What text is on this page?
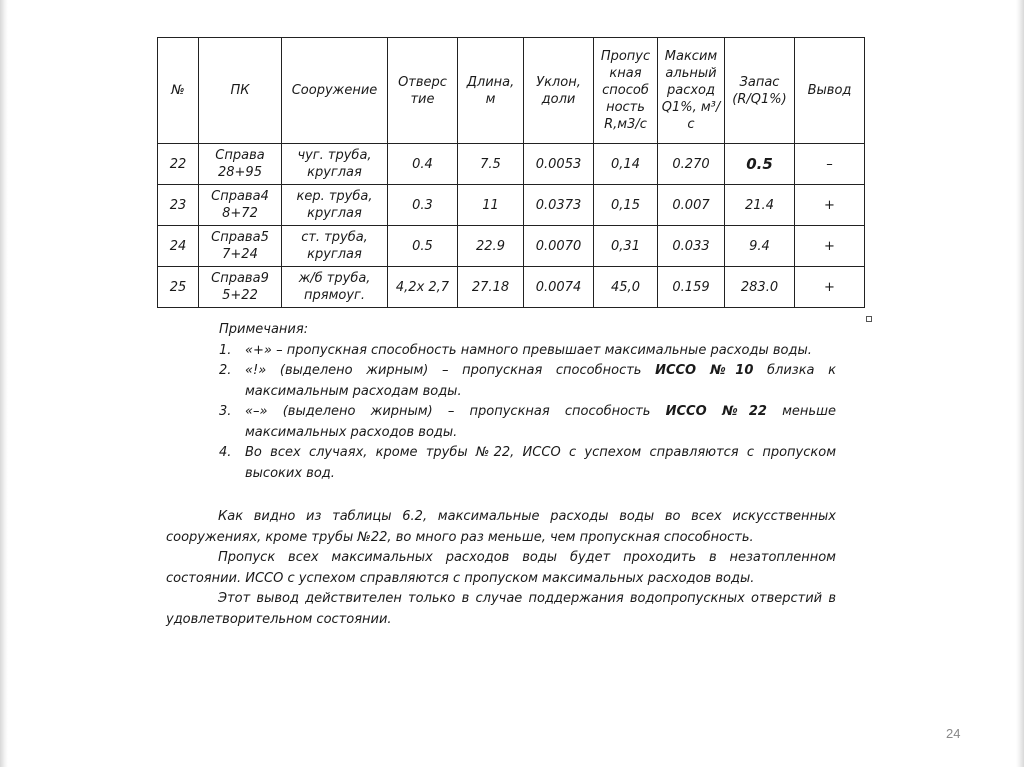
№	ПК	Сооружение	Отверс тие	Длина, м	Уклон, доли	Пропус кная способ ность R,м3/с	Максим альный расход Q1%, м³/с	Запас (R/Q1%)	Вывод
22	Справа 28+95	чуг. труба, круглая	0.4	7.5	0.0053	0,14	0.270	0.5	–
23	Справа4 8+72	кер. труба, круглая	0.3	11	0.0373	0,15	0.007	21.4	+
24	Справа5 7+24	ст. труба, круглая	0.5	22.9	0.0070	0,31	0.033	9.4	+
25	Справа9 5+22	ж/б труба, прямоуг.	4,2х 2,7	27.18	0.0074	45,0	0.159	283.0	+

Примечания:

1. «+» – пропускная способность намного превышает максимальные расходы воды.
2. «!» (выделено жирным) – пропускная способность ИССО №10 близка к максимальным расходам воды.
3. «–» (выделено жирным) – пропускная способность ИССО №22 меньше максимальных расходов воды.
4. Во всех случаях, кроме трубы №22, ИССО с успехом справляются с пропуском высоких вод.

Как видно из таблицы 6.2, максимальные расходы воды во всех искусственных сооружениях, кроме трубы №22, во много раз меньше, чем пропускная способность.

Пропуск всех максимальных расходов воды будет проходить в незатопленном состоянии. ИССО с успехом справляются с пропуском максимальных расходов воды.

Этот вывод действителен только в случае поддержания водопропускных отверстий в удовлетворительном состоянии.

24
